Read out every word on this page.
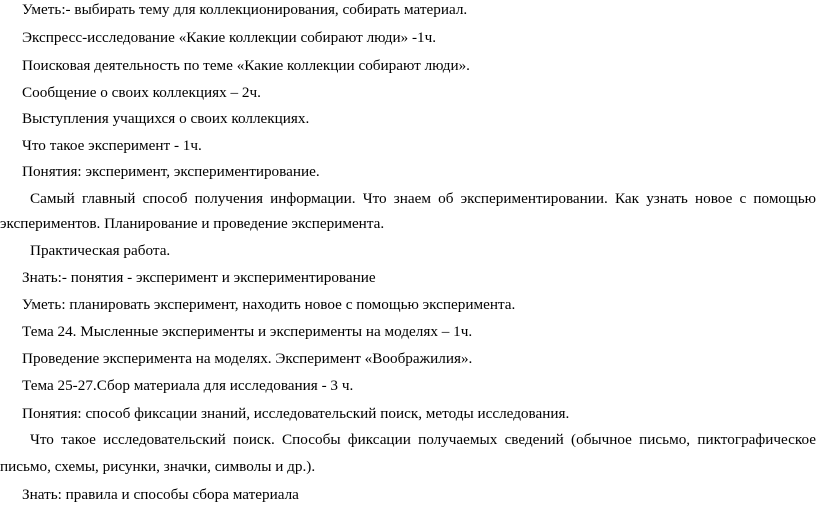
Уметь:- выбирать тему для коллекционирования, собирать материал.
Экспресс-исследование «Какие коллекции собирают люди» -1ч.
Поисковая деятельность по теме «Какие коллекции собирают люди».
Сообщение о своих коллекциях – 2ч.
Выступления учащихся о своих коллекциях.
Что такое эксперимент - 1ч.
Понятия: эксперимент, экспериментирование.
Самый главный способ получения информации. Что знаем об экспериментировании. Как узнать новое с помощью
экспериментов. Планирование и проведение эксперимента.
Практическая работа.
Знать:- понятия - эксперимент и экспериментирование
Уметь: планировать эксперимент, находить новое с помощью эксперимента.
Тема 24. Мысленные эксперименты и эксперименты на моделях – 1ч.
Проведение эксперимента на моделях. Эксперимент «Воображилия».
Тема 25-27.Сбор материала для исследования - 3 ч.
Понятия: способ фиксации знаний, исследовательский поиск, методы исследования.
Что такое исследовательский поиск. Способы фиксации получаемых сведений (обычное письмо, пиктографическое
письмо, схемы, рисунки, значки, символы и др.).
Знать: правила и способы сбора материала
